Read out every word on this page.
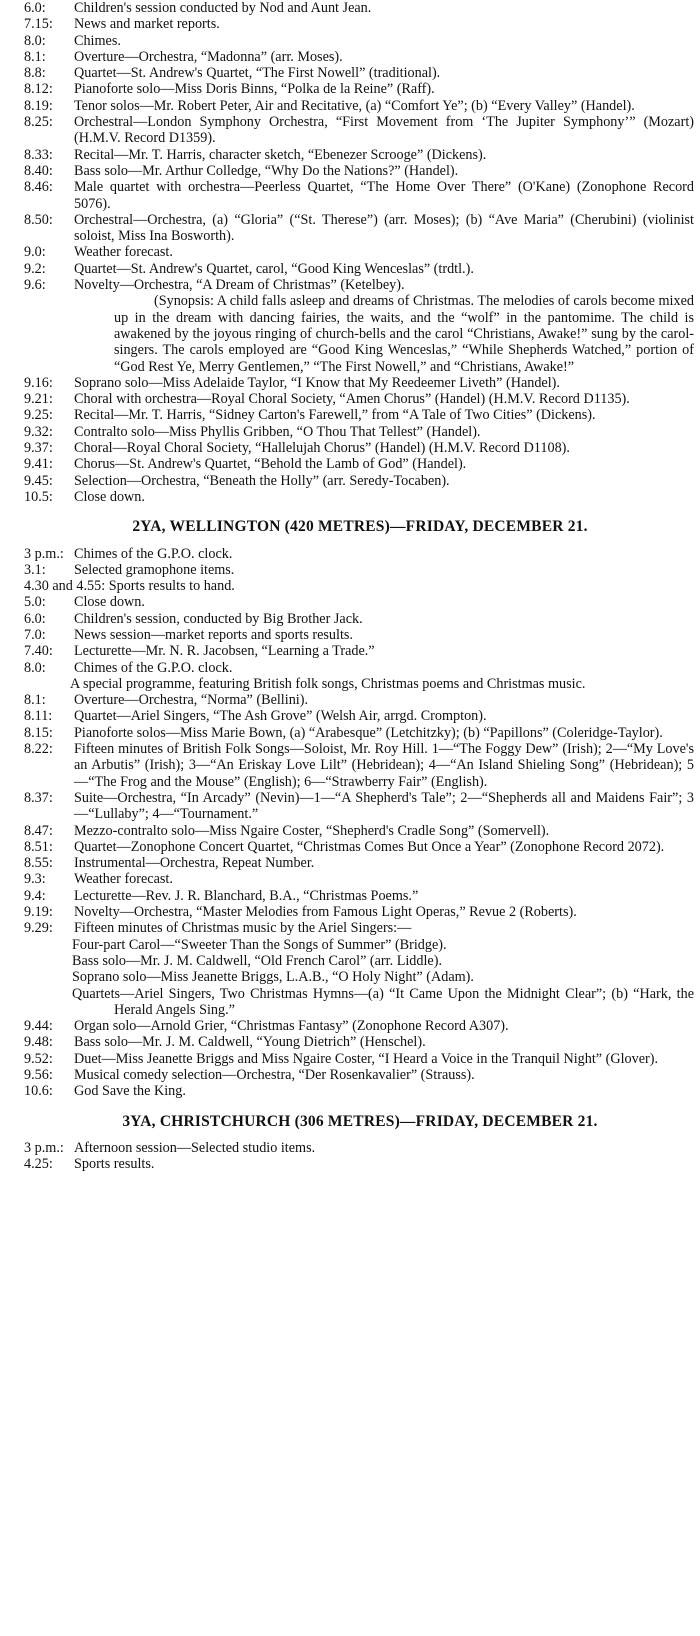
6.0: Children's session conducted by Nod and Aunt Jean.
7.15: News and market reports.
8.0: Chimes.
8.1: Overture—Orchestra, “Madonna” (arr. Moses).
8.8: Quartet—St. Andrew's Quartet, “The First Nowell” (traditional).
8.12: Pianoforte solo—Miss Doris Binns, “Polka de la Reine” (Raff).
8.19: Tenor solos—Mr. Robert Peter, Air and Recitative, (a) “Comfort Ye”; (b) “Every Valley” (Handel).
8.25: Orchestral—London Symphony Orchestra, “First Movement from ‘The Jupiter Symphony’” (Mozart) (H.M.V. Record D1359).
8.33: Recital—Mr. T. Harris, character sketch, “Ebenezer Scrooge” (Dickens).
8.40: Bass solo—Mr. Arthur Colledge, “Why Do the Nations?” (Handel).
8.46: Male quartet with orchestra—Peerless Quartet, “The Home Over There” (O'Kane) (Zonophone Record 5076).
8.50: Orchestral—Orchestra, (a) “Gloria” (“St. Therese”) (arr. Moses); (b) “Ave Maria” (Cherubini) (violinist soloist, Miss Ina Bosworth).
9.0: Weather forecast.
9.2: Quartet—St. Andrew's Quartet, carol, “Good King Wenceslas” (trdtl.).
9.6: Novelty—Orchestra, “A Dream of Christmas” (Ketelbey).

(Synopsis: A child falls asleep and dreams of Christmas. The melodies of carols become mixed up in the dream with dancing fairies, the waits, and the “wolf” in the pantomime. The child is awakened by the joyous ringing of church-bells and the carol “Christians, Awake!” sung by the carol-singers. The carols employed are “Good King Wenceslas,” “While Shepherds Watched,” portion of “God Rest Ye, Merry Gentlemen,” “The First Nowell,” and “Christians, Awake!”

9.16: Soprano solo—Miss Adelaide Taylor, “I Know that My Reedeemer Liveth” (Handel).
9.21: Choral with orchestra—Royal Choral Society, “Amen Chorus” (Handel) (H.M.V. Record D1135).
9.25: Recital—Mr. T. Harris, “Sidney Carton's Farewell,” from “A Tale of Two Cities” (Dickens).
9.32: Contralto solo—Miss Phyllis Gribben, “O Thou That Tellest” (Handel).
9.37: Choral—Royal Choral Society, “Hallelujah Chorus” (Handel) (H.M.V. Record D1108).
9.41: Chorus—St. Andrew's Quartet, “Behold the Lamb of God” (Handel).
9.45: Selection—Orchestra, “Beneath the Holly” (arr. Seredy-Tocaben).
10.5: Close down.
2YA, WELLINGTON (420 METRES)—FRIDAY, DECEMBER 21.
3 p.m.: Chimes of the G.P.O. clock.
3.1: Selected gramophone items.
4.30 and 4.55: Sports results to hand.
5.0: Close down.
6.0: Children's session, conducted by Big Brother Jack.
7.0: News session—market reports and sports results.
7.40: Lecturette—Mr. N. R. Jacobsen, “Learning a Trade.”
8.0: Chimes of the G.P.O. clock.

A special programme, featuring British folk songs, Christmas poems and Christmas music.

8.1: Overture—Orchestra, “Norma” (Bellini).
8.11: Quartet—Ariel Singers, “The Ash Grove” (Welsh Air, arrgd. Crompton).
8.15: Pianoforte solos—Miss Marie Bown, (a) “Arabesque” (Letchitzky); (b) “Papillons” (Coleridge-Taylor).
8.22: Fifteen minutes of British Folk Songs—Soloist, Mr. Roy Hill. 1—“The Foggy Dew” (Irish); 2—“My Love's an Arbutis” (Irish); 3—“An Eriskay Love Lilt” (Hebridean); 4—“An Island Shieling Song” (Hebridean); 5—“The Frog and the Mouse” (English); 6—“Strawberry Fair” (English).
8.37: Suite—Orchestra, “In Arcady” (Nevin)—1—“A Shepherd's Tale”; 2—“Shepherds all and Maidens Fair”; 3—“Lullaby”; 4—“Tournament.”
8.47: Mezzo-contralto solo—Miss Ngaire Coster, “Shepherd's Cradle Song” (Somervell).
8.51: Quartet—Zonophone Concert Quartet, “Christmas Comes But Once a Year” (Zonophone Record 2072).
8.55: Instrumental—Orchestra, Repeat Number.
9.3: Weather forecast.
9.4: Lecturette—Rev. J. R. Blanchard, B.A., “Christmas Poems.”
9.19: Novelty—Orchestra, “Master Melodies from Famous Light Operas,” Revue 2 (Roberts).
9.29: Fifteen minutes of Christmas music by the Ariel Singers:—

Four-part Carol—“Sweeter Than the Songs of Summer” (Bridge).

Bass solo—Mr. J. M. Caldwell, “Old French Carol” (arr. Liddle).

Soprano solo—Miss Jeanette Briggs, L.A.B., “O Holy Night” (Adam).

Quartets—Ariel Singers, Two Christmas Hymns—(a) “It Came Upon the Midnight Clear”; (b) “Hark, the Herald Angels Sing.”

9.44: Organ solo—Arnold Grier, “Christmas Fantasy” (Zonophone Record A307).
9.48: Bass solo—Mr. J. M. Caldwell, “Young Dietrich” (Henschel).
9.52: Duet—Miss Jeanette Briggs and Miss Ngaire Coster, “I Heard a Voice in the Tranquil Night” (Glover).
9.56: Musical comedy selection—Orchestra, “Der Rosenkavalier” (Strauss).
10.6: God Save the King.
3YA, CHRISTCHURCH (306 METRES)—FRIDAY, DECEMBER 21.
3 p.m.: Afternoon session—Selected studio items.
4.25: Sports results.
